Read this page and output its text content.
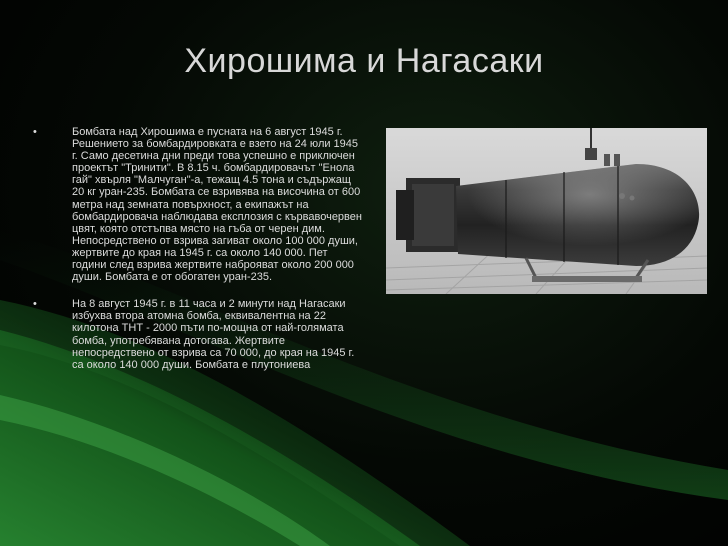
Хирошима и Нагасаки
•	Бомбата над Хирошима е пусната на 6 август 1945 г. Решението за бомбардировката е взето на 24 юли 1945 г. Само десетина дни преди това успешно е приключен проектът "Тринити". В 8.15 ч. бомбардировачът "Енола гай" хвърля "Малчуган"-а, тежащ 4.5 тона и съдържащ 20 кг уран-235. Бомбата се взривява на височина от 600 метра над земната повърхност, а екипажът на бомбардировача наблюдава експлозия с кървавочервен цвят, която отстъпва място на гъба от черен дим. Непосредствено от взрива загиват около 100 000 души, жертвите до края на 1945 г. са около 140 000. Пет години след взрива жертвите наброяват около 200 000 души. Бомбата е от обогатен уран-235.
•	На 8 август 1945 г. в 11 часа и 2 минути над Нагасаки избухва втора атомна бомба, еквивалентна на 22 килотона ТНТ - 2000 пъти по-мощна от най-голямата бомба, употребявана дотогава. Жертвите непосредствено от взрива са 70 000, до края на 1945 г. са около 140 000 души. Бомбата е плутониева
